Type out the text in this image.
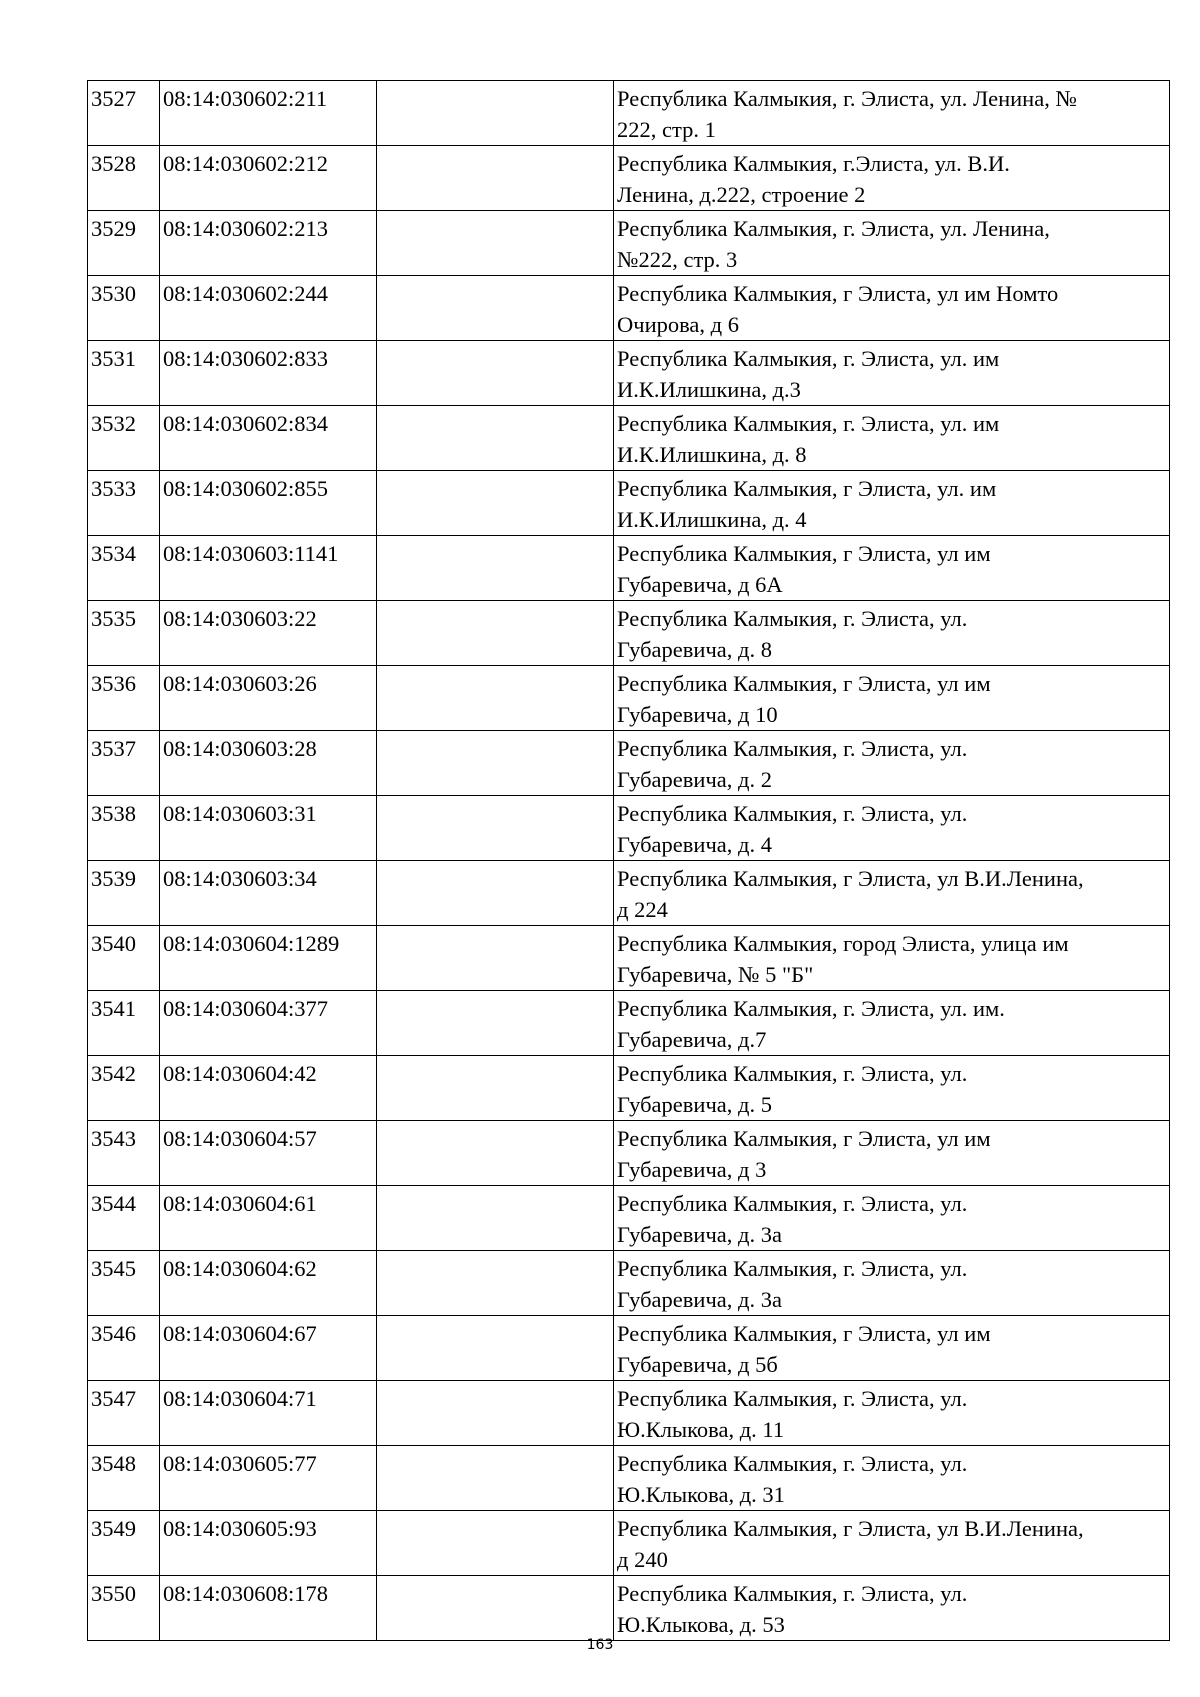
3527	08:14:030602:211		Республика Калмыкия, г. Элиста, ул. Ленина, №
222, стр. 1

3528	08:14:030602:212		Республика Калмыкия, г.Элиста, ул. В.И.
Ленина, д.222, строение 2

3529	08:14:030602:213		Республика Калмыкия, г. Элиста, ул. Ленина,
№222, стр. 3

3530	08:14:030602:244		Республика Калмыкия, г Элиста, ул им Номто
Очирова, д 6

3531	08:14:030602:833		Республика Калмыкия, г. Элиста, ул. им
И.К.Илишкина, д.3

3532	08:14:030602:834		Республика Калмыкия, г. Элиста, ул. им
И.К.Илишкина, д. 8

3533	08:14:030602:855		Республика Калмыкия, г Элиста, ул. им
И.К.Илишкина, д. 4

3534	08:14:030603:1141		Республика Калмыкия, г Элиста, ул им
Губаревича, д 6А

3535	08:14:030603:22		Республика Калмыкия, г. Элиста, ул.
Губаревича, д. 8

3536	08:14:030603:26		Республика Калмыкия, г Элиста, ул им
Губаревича, д 10

3537	08:14:030603:28		Республика Калмыкия, г. Элиста, ул.
Губаревича, д. 2

3538	08:14:030603:31		Республика Калмыкия, г. Элиста, ул.
Губаревича, д. 4

3539	08:14:030603:34		Республика Калмыкия, г Элиста, ул В.И.Ленина,
д 224

3540	08:14:030604:1289		Республика Калмыкия, город Элиста, улица им
Губаревича, № 5 "Б"

3541	08:14:030604:377		Республика Калмыкия, г. Элиста, ул. им.
Губаревича, д.7

3542	08:14:030604:42		Республика Калмыкия, г. Элиста, ул.
Губаревича, д. 5

3543	08:14:030604:57		Республика Калмыкия, г Элиста, ул им
Губаревича, д 3

3544	08:14:030604:61		Республика Калмыкия, г. Элиста, ул.
Губаревича, д. 3а

3545	08:14:030604:62		Республика Калмыкия, г. Элиста, ул.
Губаревича, д. 3а

3546	08:14:030604:67		Республика Калмыкия, г Элиста, ул им
Губаревича, д 5б

3547	08:14:030604:71		Республика Калмыкия, г. Элиста, ул.
Ю.Клыкова, д. 11

3548	08:14:030605:77		Республика Калмыкия, г. Элиста, ул.
Ю.Клыкова, д. 31

3549	08:14:030605:93		Республика Калмыкия, г Элиста, ул В.И.Ленина,
д 240

3550	08:14:030608:178		Республика Калмыкия, г. Элиста, ул.
Ю.Клыкова, д. 53
163
